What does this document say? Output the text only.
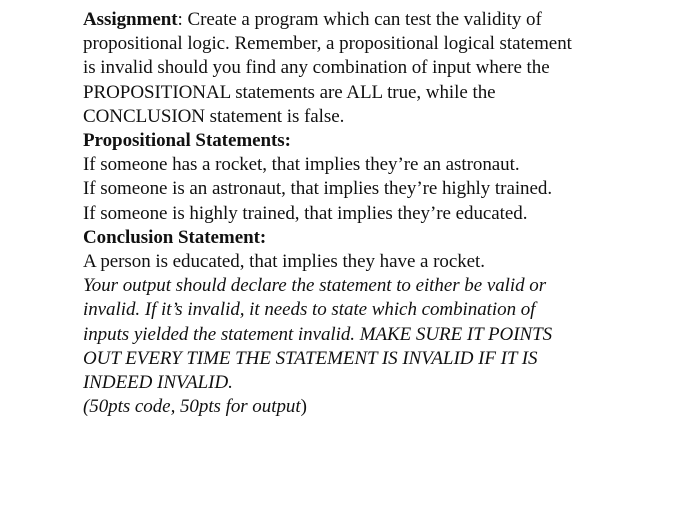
Assignment: Create a program which can test the validity of
propositional logic. Remember, a propositional logical statement
is invalid should you find any combination of input where the
PROPOSITIONAL statements are ALL true, while the
CONCLUSION statement is false.
Propositional Statements:
If someone has a rocket, that implies they’re an astronaut.
If someone is an astronaut, that implies they’re highly trained.
If someone is highly trained, that implies they’re educated.
Conclusion Statement:
A person is educated, that implies they have a rocket.
Your output should declare the statement to either be valid or
invalid. If it’s invalid, it needs to state which combination of
inputs yielded the statement invalid. MAKE SURE IT POINTS
OUT EVERY TIME THE STATEMENT IS INVALID IF IT IS
INDEED INVALID.
(50pts code, 50pts for output)
